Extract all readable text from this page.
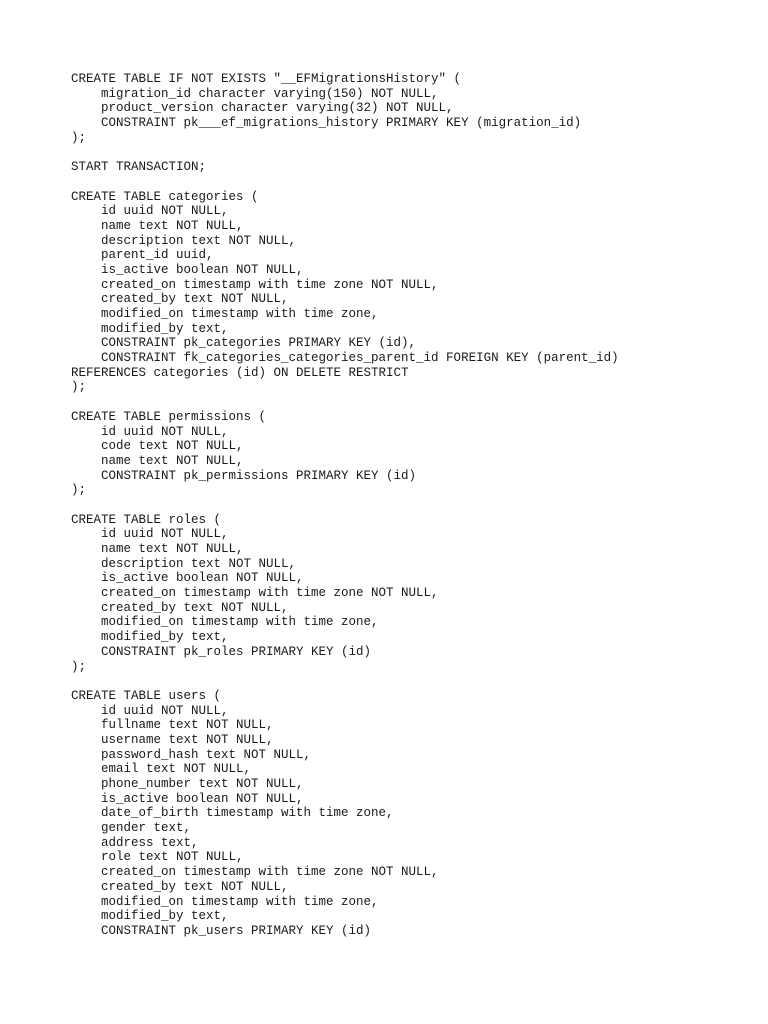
CREATE TABLE IF NOT EXISTS "__EFMigrationsHistory" (
migration_id character varying(150) NOT NULL,
product_version character varying(32) NOT NULL,
CONSTRAINT pk___ef_migrations_history PRIMARY KEY (migration_id)
);
START TRANSACTION;
CREATE TABLE categories (
id uuid NOT NULL,
name text NOT NULL,
description text NOT NULL,
parent_id uuid,
is_active boolean NOT NULL,
created_on timestamp with time zone NOT NULL,
created_by text NOT NULL,
modified_on timestamp with time zone,
modified_by text,
CONSTRAINT pk_categories PRIMARY KEY (id),
CONSTRAINT fk_categories_categories_parent_id FOREIGN KEY (parent_id)
REFERENCES categories (id) ON DELETE RESTRICT
);
CREATE TABLE permissions (
id uuid NOT NULL,
code text NOT NULL,
name text NOT NULL,
CONSTRAINT pk_permissions PRIMARY KEY (id)
);
CREATE TABLE roles (
id uuid NOT NULL,
name text NOT NULL,
description text NOT NULL,
is_active boolean NOT NULL,
created_on timestamp with time zone NOT NULL,
created_by text NOT NULL,
modified_on timestamp with time zone,
modified_by text,
CONSTRAINT pk_roles PRIMARY KEY (id)
);
CREATE TABLE users (
id uuid NOT NULL,
fullname text NOT NULL,
username text NOT NULL,
password_hash text NOT NULL,
email text NOT NULL,
phone_number text NOT NULL,
is_active boolean NOT NULL,
date_of_birth timestamp with time zone,
gender text,
address text,
role text NOT NULL,
created_on timestamp with time zone NOT NULL,
created_by text NOT NULL,
modified_on timestamp with time zone,
modified_by text,
CONSTRAINT pk_users PRIMARY KEY (id)
